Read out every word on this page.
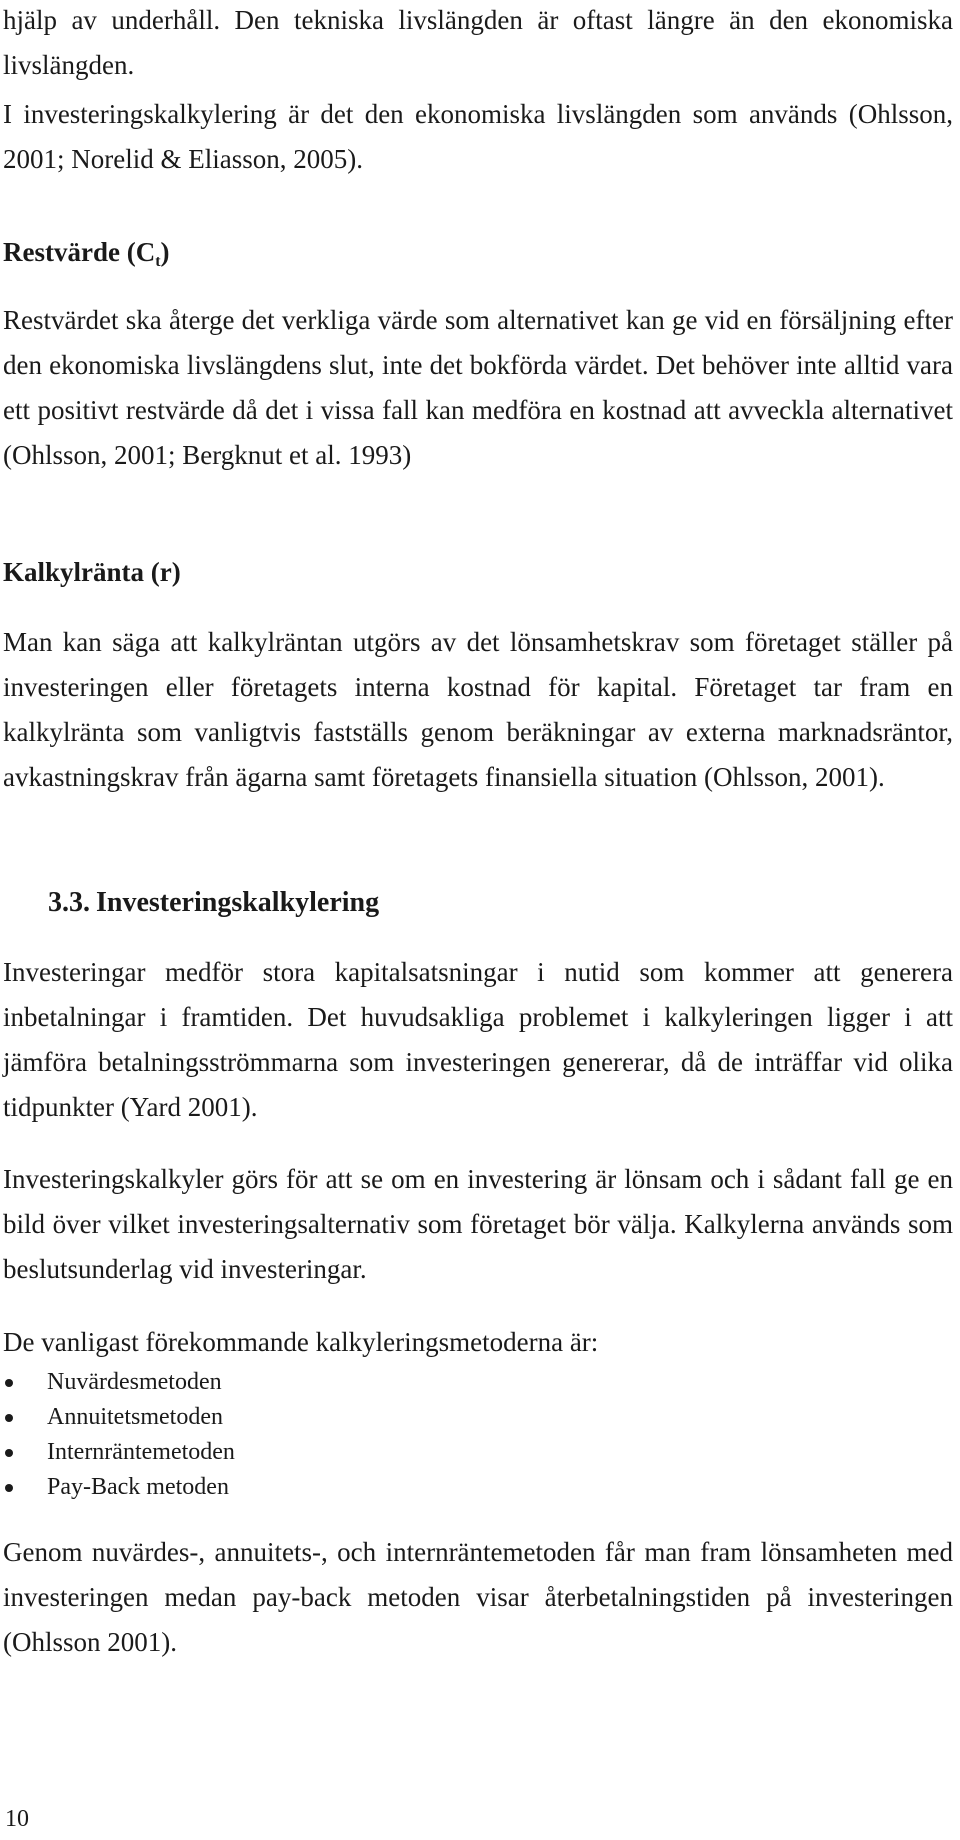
hjälp av underhåll. Den tekniska livslängden är oftast längre än den ekonomiska livslängden.

I investeringskalkylering är det den ekonomiska livslängden som används (Ohlsson, 2001; Norelid & Eliasson, 2005).

Restvärde $(C_t)$

Restvärdet ska återge det verkliga värde som alternativet kan ge vid en försäljning efter den ekonomiska livslängdens slut, inte det bokförda värdet. Det behöver inte alltid vara ett positivt restvärde då det i vissa fall kan medföra en kostnad att avveckla alternativet (Ohlsson, 2001; Bergknut et al. 1993)

Kalkylränta (r)

Man kan säga att kalkylräntan utgörs av det lönsamhetskrav som företaget ställer på investeringen eller företagets interna kostnad för kapital. Företaget tar fram en kalkylränta som vanligtvis fastställs genom beräkningar av externa marknadsräntor, avkastningskrav från ägarna samt företagets finansiella situation (Ohlsson, 2001).

3.3. Investeringskalkylering

Investeringar medför stora kapitalsatsningar i nutid som kommer att generera inbetalningar i framtiden. Det huvudsakliga problemet i kalkyleringen ligger i att jämföra betalningsströmmarna som investeringen genererar, då de inträffar vid olika tidpunkter (Yard 2001).

Investeringskalkyler görs för att se om en investering är lönsam och i sådant fall ge en bild över vilket investeringsalternativ som företaget bör välja. Kalkylerna används som beslutsunderlag vid investeringar.

De vanligast förekommande kalkyleringsmetoderna är:

Nuvärdesmetoden
Annuitetsmetoden
Internräntemetoden
Pay-Back metoden

Genom nuvärdes-, annuitets-, och internräntemetoden får man fram lönsamheten med investeringen medan pay-back metoden visar återbetalningstiden på investeringen (Ohlsson 2001).

10
